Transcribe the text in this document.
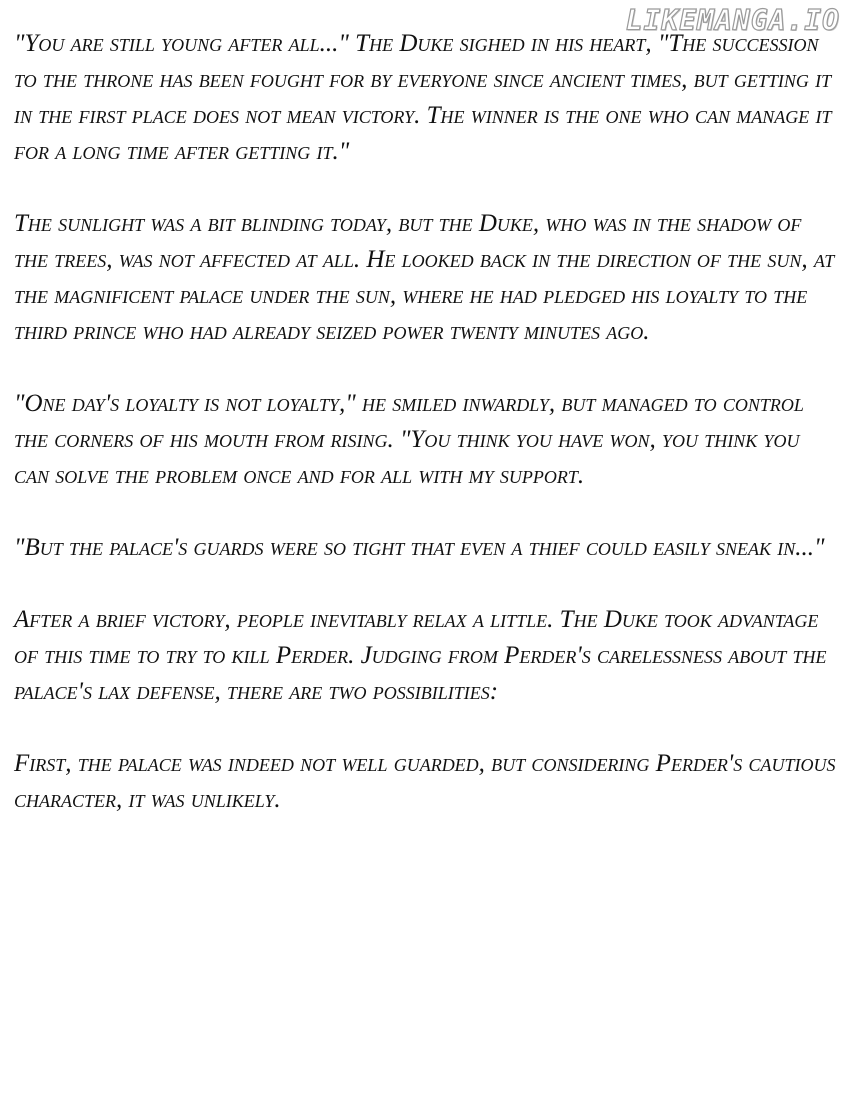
LIKEMANGA.IO

"You are still young after all..." The Duke sighed in his heart, "The succession to the throne has been fought for by everyone since ancient times, but getting it in the first place does not mean victory. The winner is the one who can manage it for a long time after getting it."

The sunlight was a bit blinding today, but the Duke, who was in the shadow of the trees, was not affected at all. He looked back in the direction of the sun, at the magnificent palace under the sun, where he had pledged his loyalty to the third prince who had already seized power twenty minutes ago.

"One day's loyalty is not loyalty," he smiled inwardly, but managed to control the corners of his mouth from rising. "You think you have won, you think you can solve the problem once and for all with my support.

"But the palace's guards were so tight that even a thief could easily sneak in..."

After a brief victory, people inevitably relax a little. The Duke took advantage of this time to try to kill Perder. Judging from Perder's carelessness about the palace's lax defense, there are two possibilities:

First, the palace was indeed not well guarded, but considering Perder's cautious character, it was unlikely.
